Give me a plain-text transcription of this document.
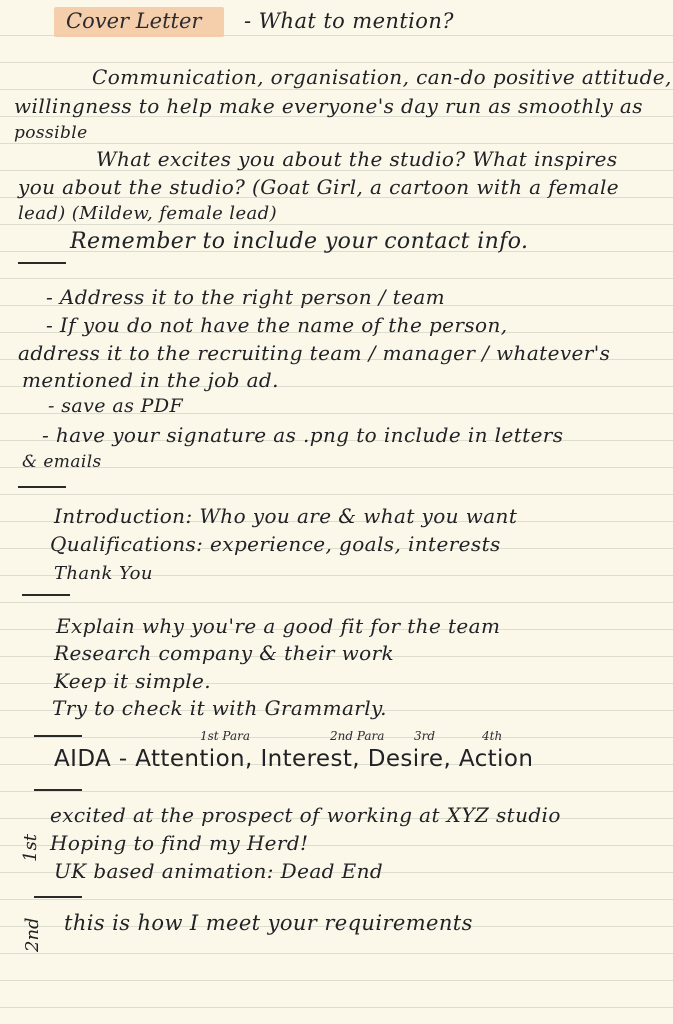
Cover Letter - What to mention?
Communication, organisation, can-do positive attitude,
willingness to help make everyone's day run as smoothly as
possible
What excites you about the studio? What inspires
you about the studio? (Goat Girl, a cartoon with a female
lead) (Mildew, female lead)
Remember to include your contact info.
- Address it to the right person / team
- If you do not have the name of the person,
address it to the recruiting team / manager / whatever's
mentioned in the job ad.
- save as PDF
- have your signature as .png to include in letters
& emails
Introduction: Who you are & what you want
Qualifications: experience, goals, interests
Thank You
Explain why you're a good fit for the team
Research company & their work
Keep it simple.
Try to check it with Grammarly.
1st Para	2nd Para 3rd	4th
AIDA - Attention, Interest, Desire, Action
1st
excited at the prospect of working at XYZ studio
Hoping to find my Herd!
UK based animation: Dead End
2nd this is how I meet your requirements
